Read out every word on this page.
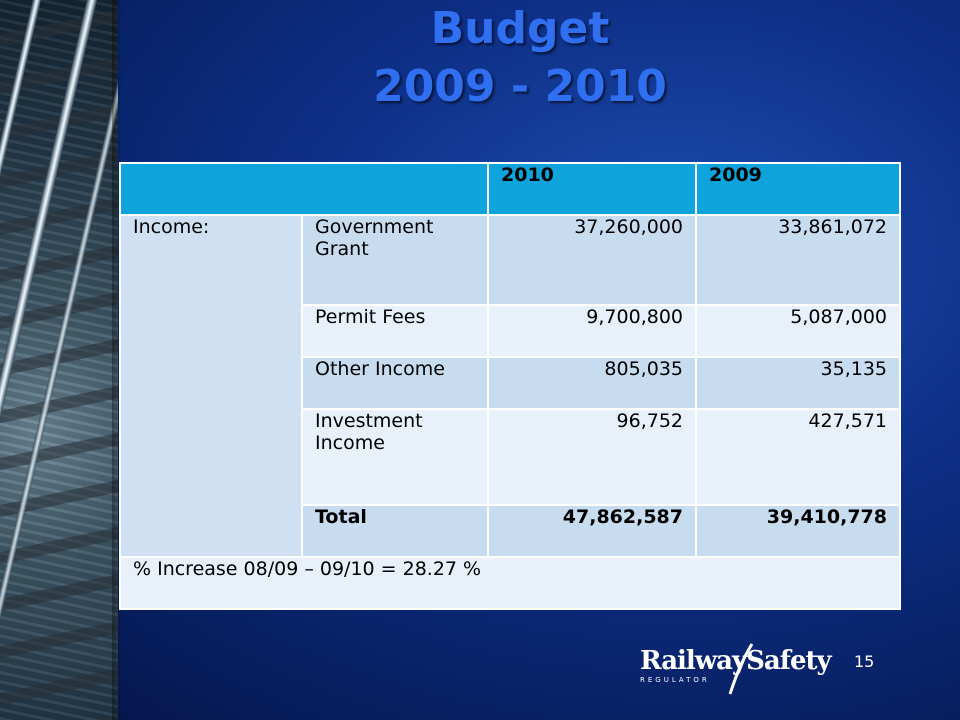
Budget
2009 - 2010
		2010	2009
Income:	Government Grant	37,260,000	33,861,072
	Permit Fees	9,700,800	5,087,000
	Other Income	805,035	35,135
	Investment Income	96,752	427,571
	Total	47,862,587	39,410,778
% Increase 08/09 – 09/10 = 28.27 %			
RailwaySafety
REGULATOR
15
